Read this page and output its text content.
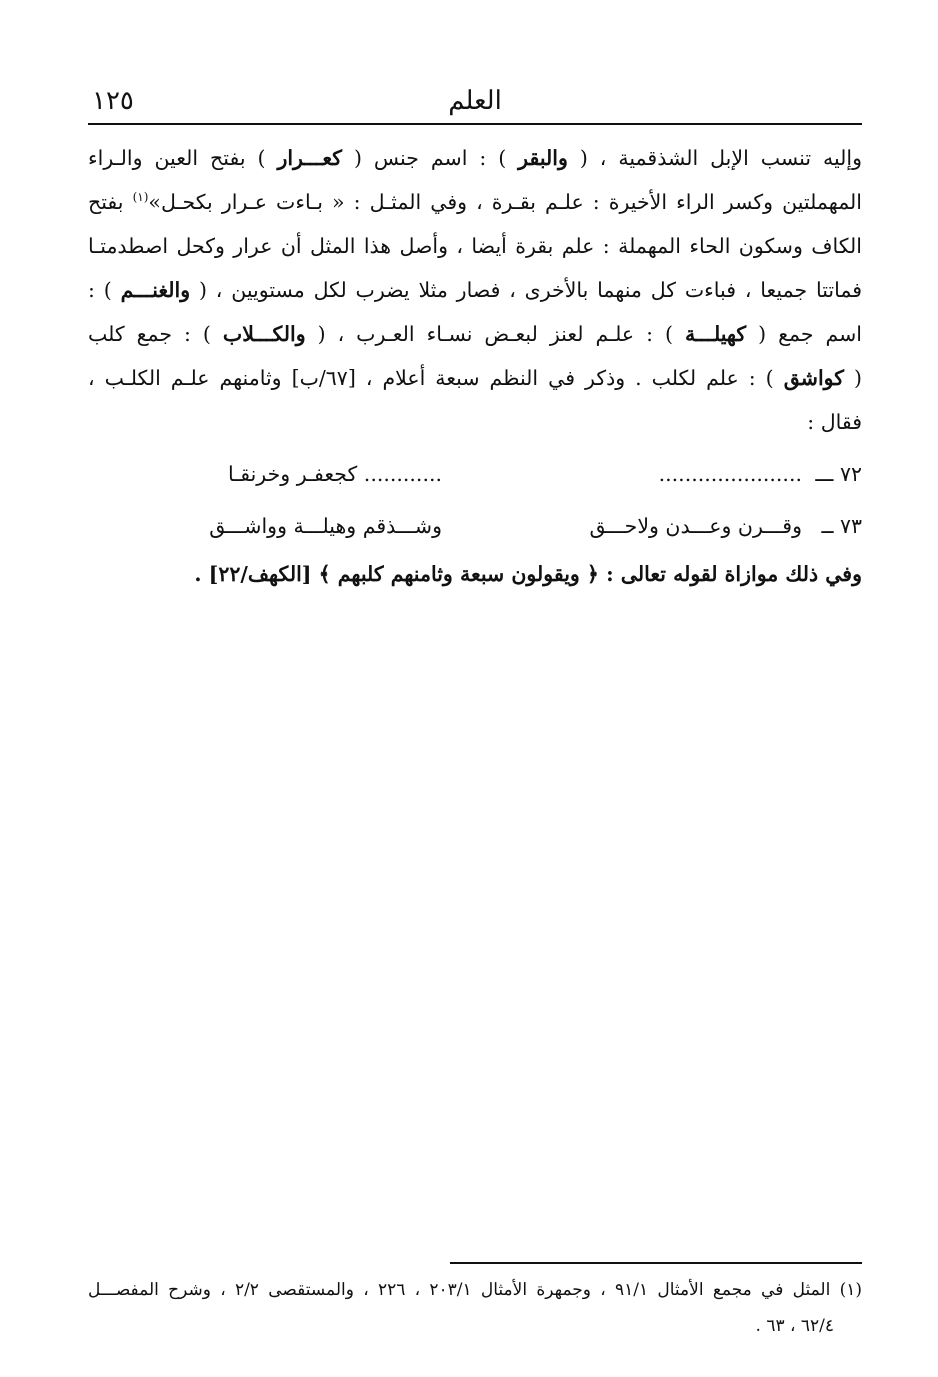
العلم
١٢٥
وإليه تنسب الإبل الشذقمية ، ( والبقر ) : اسم جنس ( كعـــرار ) بفتح العين والـراء
المهملتين وكسر الراء الأخيرة : علـم بقـرة ، وفي المثـل : « بـاءت عـرار بكحـل»$^{(١)}$ بفتح
الكاف وسكون الحاء المهملة : علم بقرة أيضا ، وأصل هذا المثل أن عرار وكحل اصطدمتـا
فماتتا جميعا ، فباءت كل منهما بالأخرى ، فصار مثلا يضرب لكل مستويين ، ( والغنـــم ) :
اسم جمع ( كهيلـــة ) : علـم لعنز لبعـض نسـاء العـرب ، ( والكـــلاب ) : جمع كلب
( كواشق ) : علم لكلب . وذكر في النظم سبعة أعلام ، [٦٧/ب] وثامنهم علـم الكلـب ،
فقال :
٧٢ ـــ
......................
............ كجعفـر وخرنقـا
٧٣ ــ
وقـــرن وعـــدن ولاحـــق
وشـــذقم وهيلـــة وواشـــق
وفي ذلك موازاة لقوله تعالى : ﴿ ويقولون سبعة وثامنهم كلبهم ﴾ [الكهف/٢٢] .
(١) المثل في مجمع الأمثال ٩١/١ ، وجمهرة الأمثال ٢٠٣/١ ، ٢٢٦ ، والمستقصى ٢/٢ ، وشرح المفصـــل
٦٢/٤ ، ٦٣ .
